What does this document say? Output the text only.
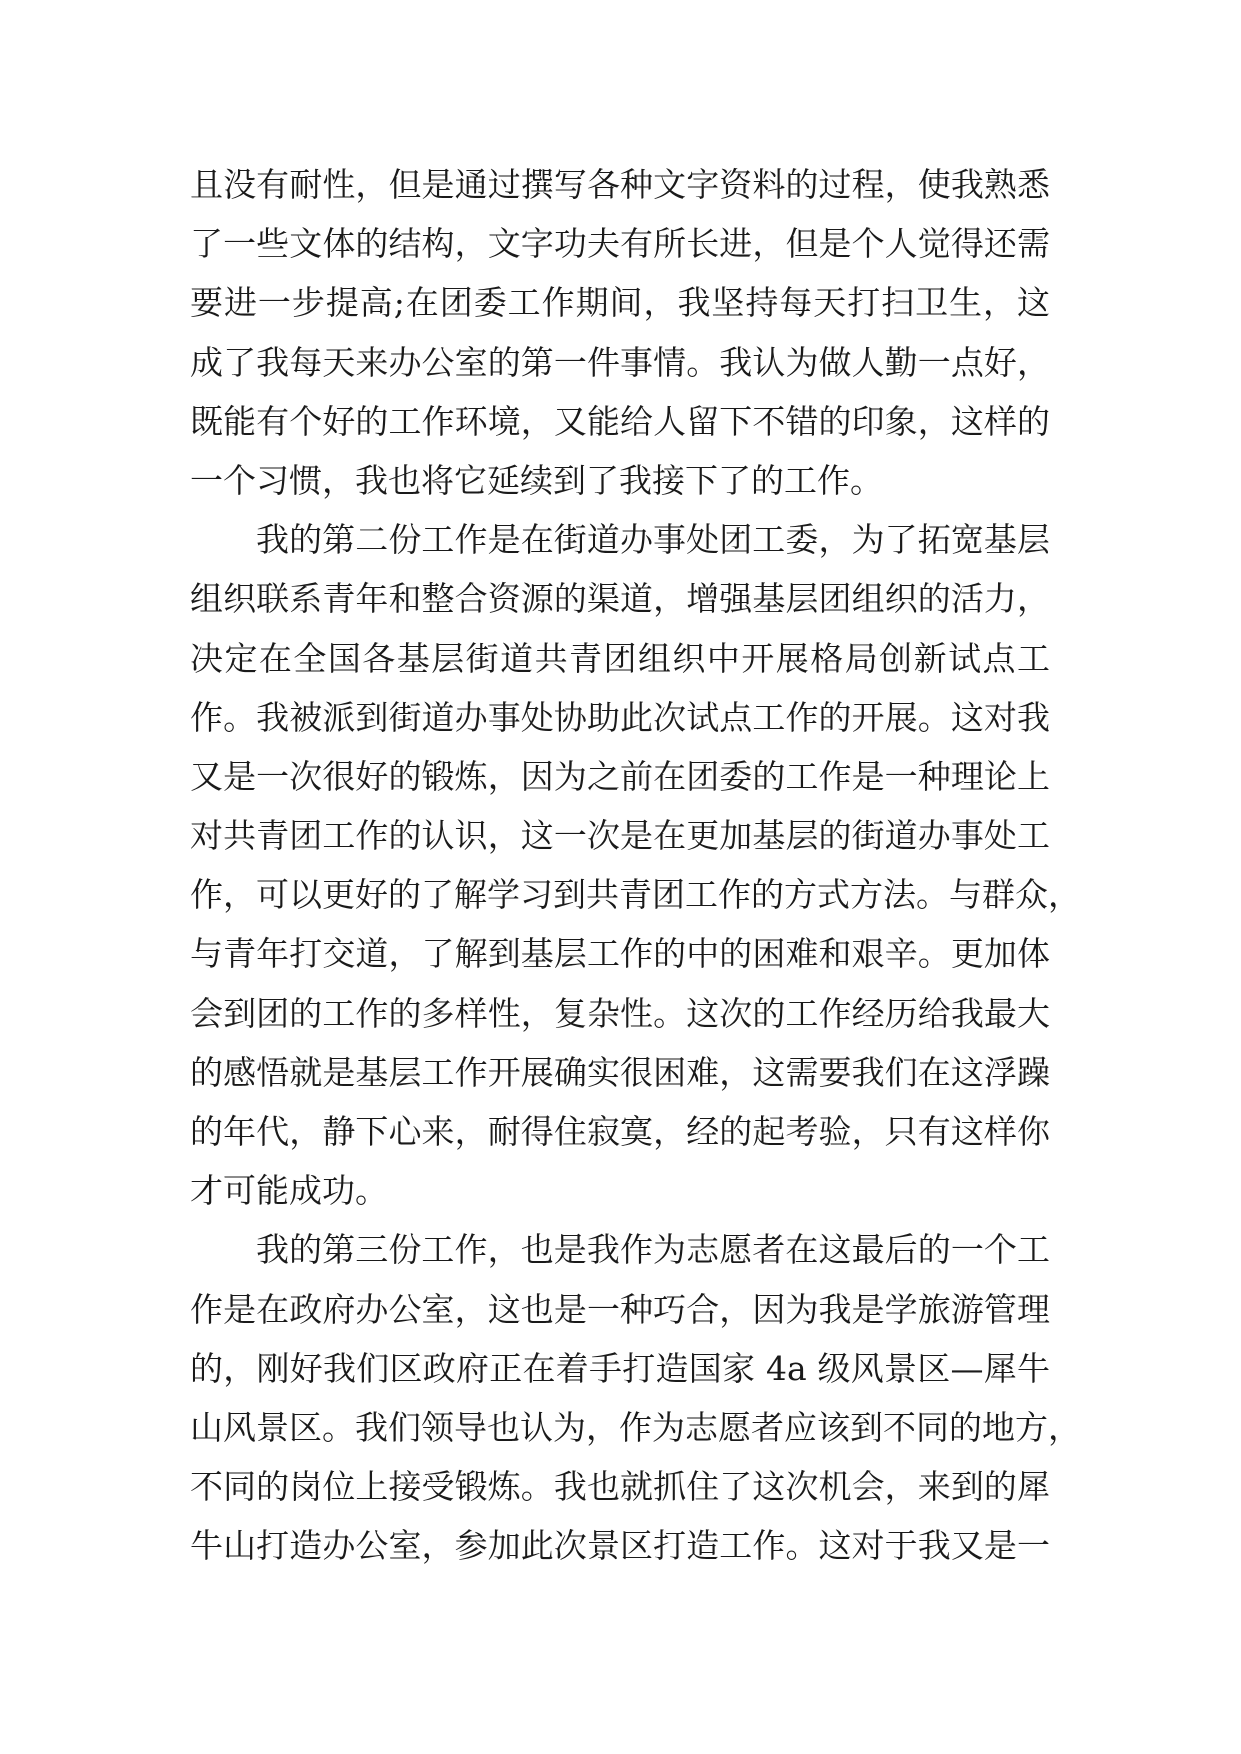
且没有耐性，但是通过撰写各种文字资料的过程，使我熟悉
了一些文体的结构，文字功夫有所长进，但是个人觉得还需
要进一步提高;在团委工作期间，我坚持每天打扫卫生，这
成了我每天来办公室的第一件事情。我认为做人勤一点好，
既能有个好的工作环境，又能给人留下不错的印象，这样的
一个习惯，我也将它延续到了我接下了的工作。
我的第二份工作是在街道办事处团工委，为了拓宽基层
组织联系青年和整合资源的渠道，增强基层团组织的活力，
决定在全国各基层街道共青团组织中开展格局创新试点工
作。我被派到街道办事处协助此次试点工作的开展。这对我
又是一次很好的锻炼，因为之前在团委的工作是一种理论上
对共青团工作的认识，这一次是在更加基层的街道办事处工
作，可以更好的了解学习到共青团工作的方式方法。与群众，
与青年打交道，了解到基层工作的中的困难和艰辛。更加体
会到团的工作的多样性，复杂性。这次的工作经历给我最大
的感悟就是基层工作开展确实很困难，这需要我们在这浮躁
的年代，静下心来，耐得住寂寞，经的起考验，只有这样你
才可能成功。
我的第三份工作，也是我作为志愿者在这最后的一个工
作是在政府办公室，这也是一种巧合，因为我是学旅游管理
的，刚好我们区政府正在着手打造国家 4a 级风景区—犀牛
山风景区。我们领导也认为，作为志愿者应该到不同的地方，
不同的岗位上接受锻炼。我也就抓住了这次机会，来到的犀
牛山打造办公室，参加此次景区打造工作。这对于我又是一
